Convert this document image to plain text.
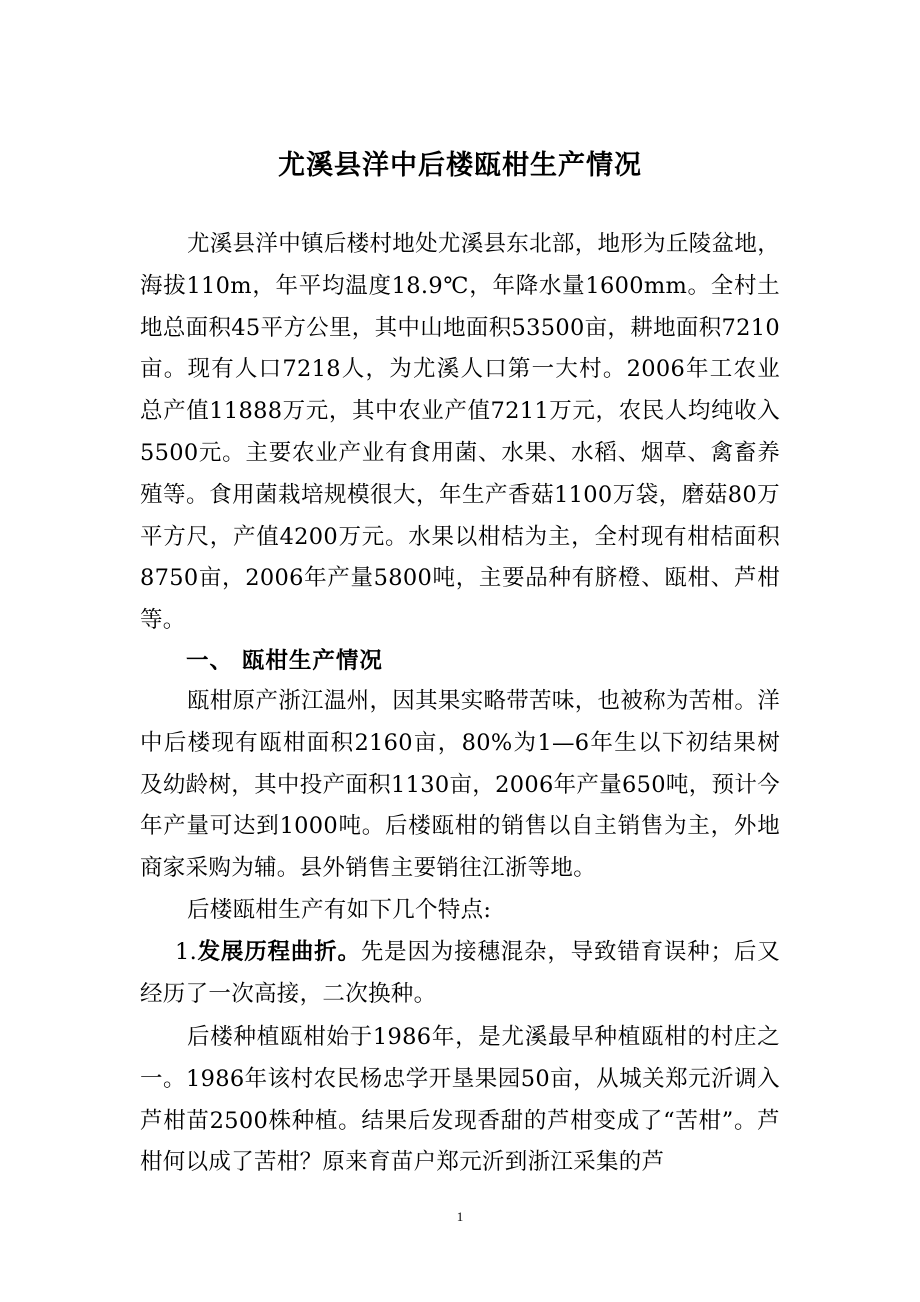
尤溪县洋中后楼瓯柑生产情况

尤溪县洋中镇后楼村地处尤溪县东北部，地形为丘陵盆地，海拔110m，年平均温度18.9℃，年降水量1600mm。全村土地总面积45平方公里，其中山地面积53500亩，耕地面积7210亩。现有人口7218人，为尤溪人口第一大村。2006年工农业总产值11888万元，其中农业产值7211万元，农民人均纯收入5500元。主要农业产业有食用菌、水果、水稻、烟草、禽畜养殖等。食用菌栽培规模很大，年生产香菇1100万袋，磨菇80万平方尺，产值4200万元。水果以柑桔为主，全村现有柑桔面积8750亩，2006年产量5800吨，主要品种有脐橙、瓯柑、芦柑等。

一、 瓯柑生产情况

瓯柑原产浙江温州，因其果实略带苦味，也被称为苦柑。洋中后楼现有瓯柑面积2160亩，80%为1—6年生以下初结果树及幼龄树，其中投产面积1130亩，2006年产量650吨，预计今年产量可达到1000吨。后楼瓯柑的销售以自主销售为主，外地商家采购为辅。县外销售主要销往江浙等地。

后楼瓯柑生产有如下几个特点:

1.发展历程曲折。先是因为接穗混杂，导致错育误种；后又经历了一次高接，二次换种。

后楼种植瓯柑始于1986年，是尤溪最早种植瓯柑的村庄之一。1986年该村农民杨忠学开垦果园50亩，从城关郑元沂调入芦柑苗2500株种植。结果后发现香甜的芦柑变成了“苦柑”。芦柑何以成了苦柑？原来育苗户郑元沂到浙江采集的芦

1
